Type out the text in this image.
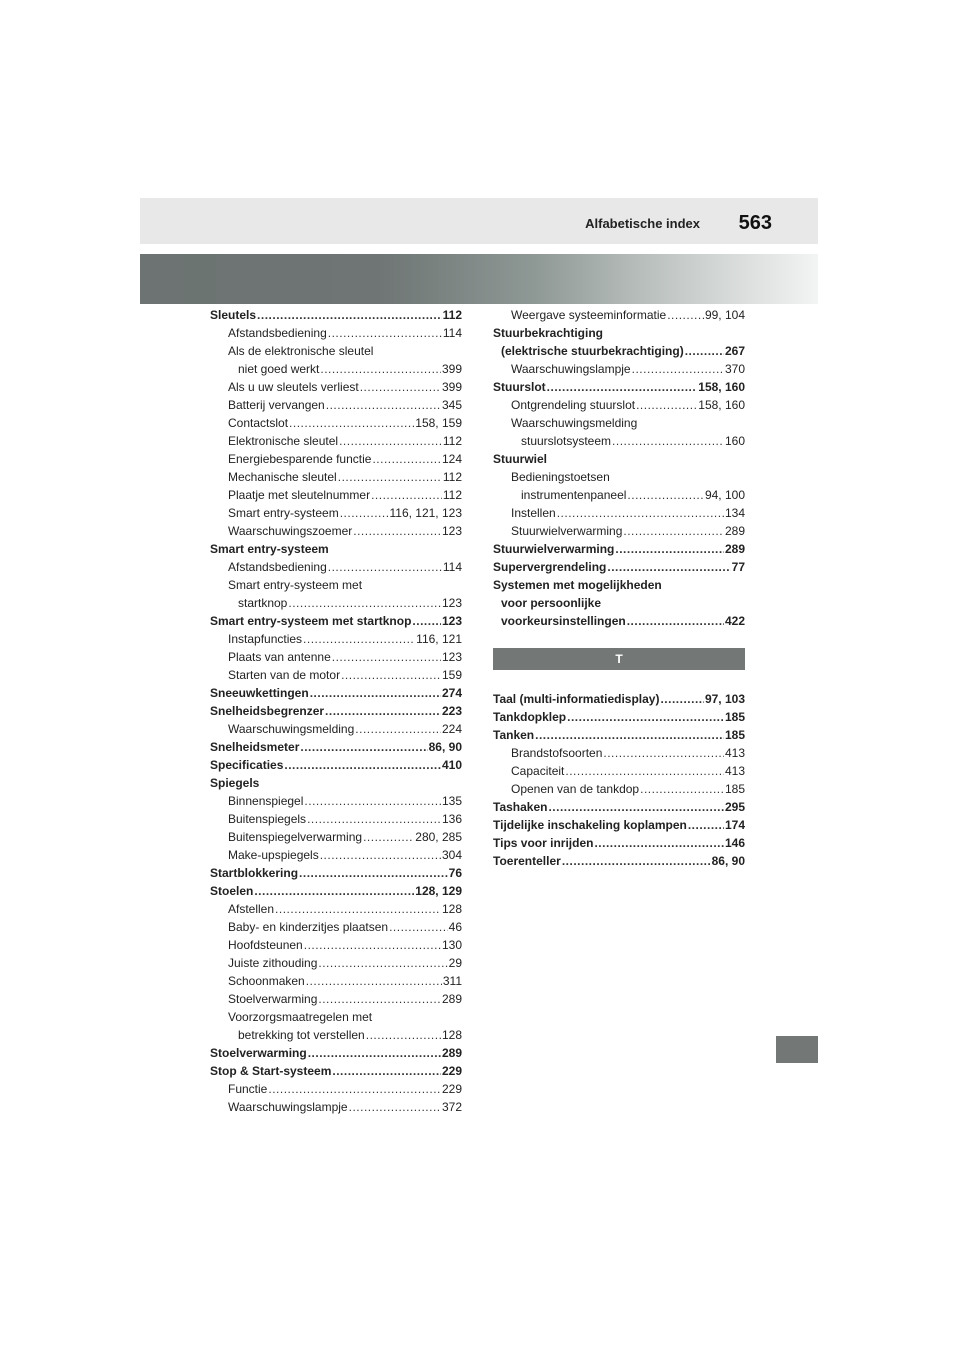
Alfabetische index 563
Sleutels .....	112
Afstandsbediening .....	114
Als de elektronische sleutel
niet goed werkt .....	399
Als u uw sleutels verliest .....	399
Batterij vervangen .....	345
Contactslot .....	158, 159
Elektronische sleutel .....	112
Energiebesparende functie .....	124
Mechanische sleutel .....	112
Plaatje met sleutelnummer .....	112
Smart entry-systeem .....	116, 121, 123
Waarschuwingszoemer .....	123
Smart entry-systeem
Afstandsbediening .....	114
Smart entry-systeem met
startknop .....	123
Smart entry-systeem met startknop .....	123
Instapfuncties .....	116, 121
Plaats van antenne .....	123
Starten van de motor .....	159
Sneeuwkettingen .....	274
Snelheidsbegrenzer .....	223
Waarschuwingsmelding .....	224
Snelheidsmeter .....	86, 90
Specificaties .....	410
Spiegels
Binnenspiegel .....	135
Buitenspiegels .....	136
Buitenspiegelverwarming .....	280, 285
Make-upspiegels .....	304
Startblokkering .....	76
Stoelen .....	128, 129
Afstellen .....	128
Baby- en kinderzitjes plaatsen .....	46
Hoofdsteunen .....	130
Juiste zithouding .....	29
Schoonmaken .....	311
Stoelverwarming .....	289
Voorzorgsmaatregelen met
betrekking tot verstellen .....	128
Stoelverwarming .....	289
Stop & Start-systeem .....	229
Functie .....	229
Waarschuwingslampje .....	372
Weergave systeeminformatie .....	99, 104
Stuurbekrachtiging
(elektrische stuurbekrachtiging) .....	267
Waarschuwingslampje .....	370
Stuurslot .....	158, 160
Ontgrendeling stuurslot .....	158, 160
Waarschuwingsmelding
stuurslotsysteem .....	160
Stuurwiel
Bedieningstoetsen
instrumentenpaneel .....	94, 100
Instellen .....	134
Stuurwielverwarming .....	289
Stuurwielverwarming .....	289
Supervergrendeling .....	77
Systemen met mogelijkheden
voor persoonlijke
voorkeursinstellingen .....	422
T
Taal (multi-informatiedisplay) .....	97, 103
Tankdopklep .....	185
Tanken .....	185
Brandstofsoorten .....	413
Capaciteit .....	413
Openen van de tankdop .....	185
Tashaken .....	295
Tijdelijke inschakeling koplampen .....	174
Tips voor inrijden .....	146
Toerenteller .....	86, 90
